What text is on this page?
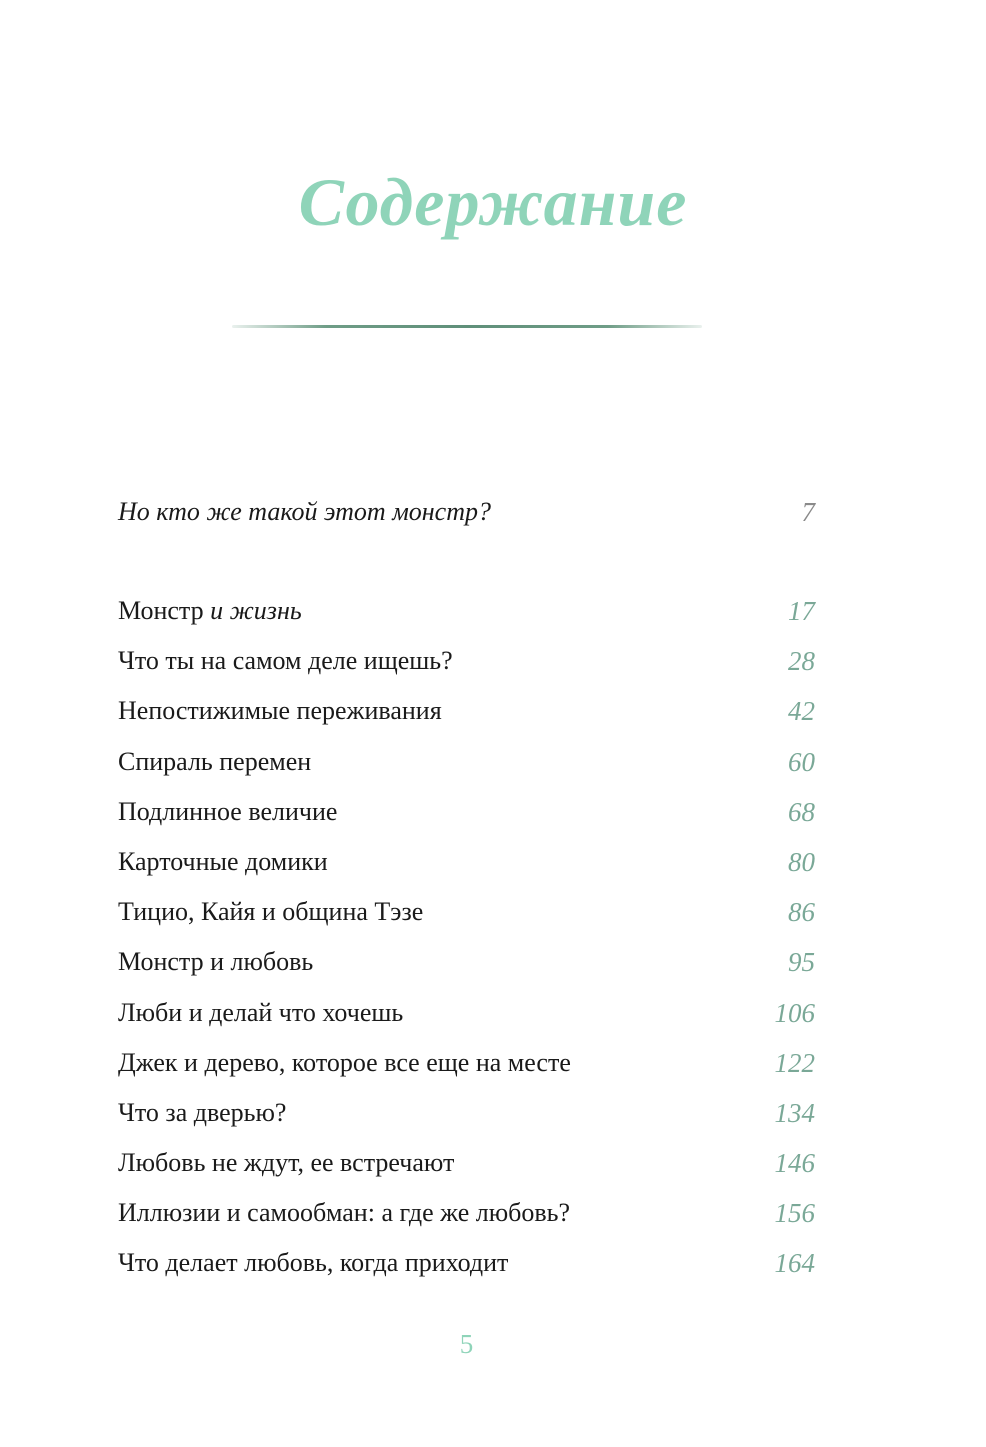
Содержание
Но кто же такой этот монстр?	7
Монстр и жизнь	17
Что ты на самом деле ищешь?	28
Непостижимые переживания	42
Спираль перемен	60
Подлинное величие	68
Карточные домики	80
Тицио, Кайя и община Тэзе	86
Монстр и любовь	95
Люби и делай что хочешь	106
Джек и дерево, которое все еще на месте	122
Что за дверью?	134
Любовь не ждут, ее встречают	146
Иллюзии и самообман: а где же любовь?	156
Что делает любовь, когда приходит	164
5
